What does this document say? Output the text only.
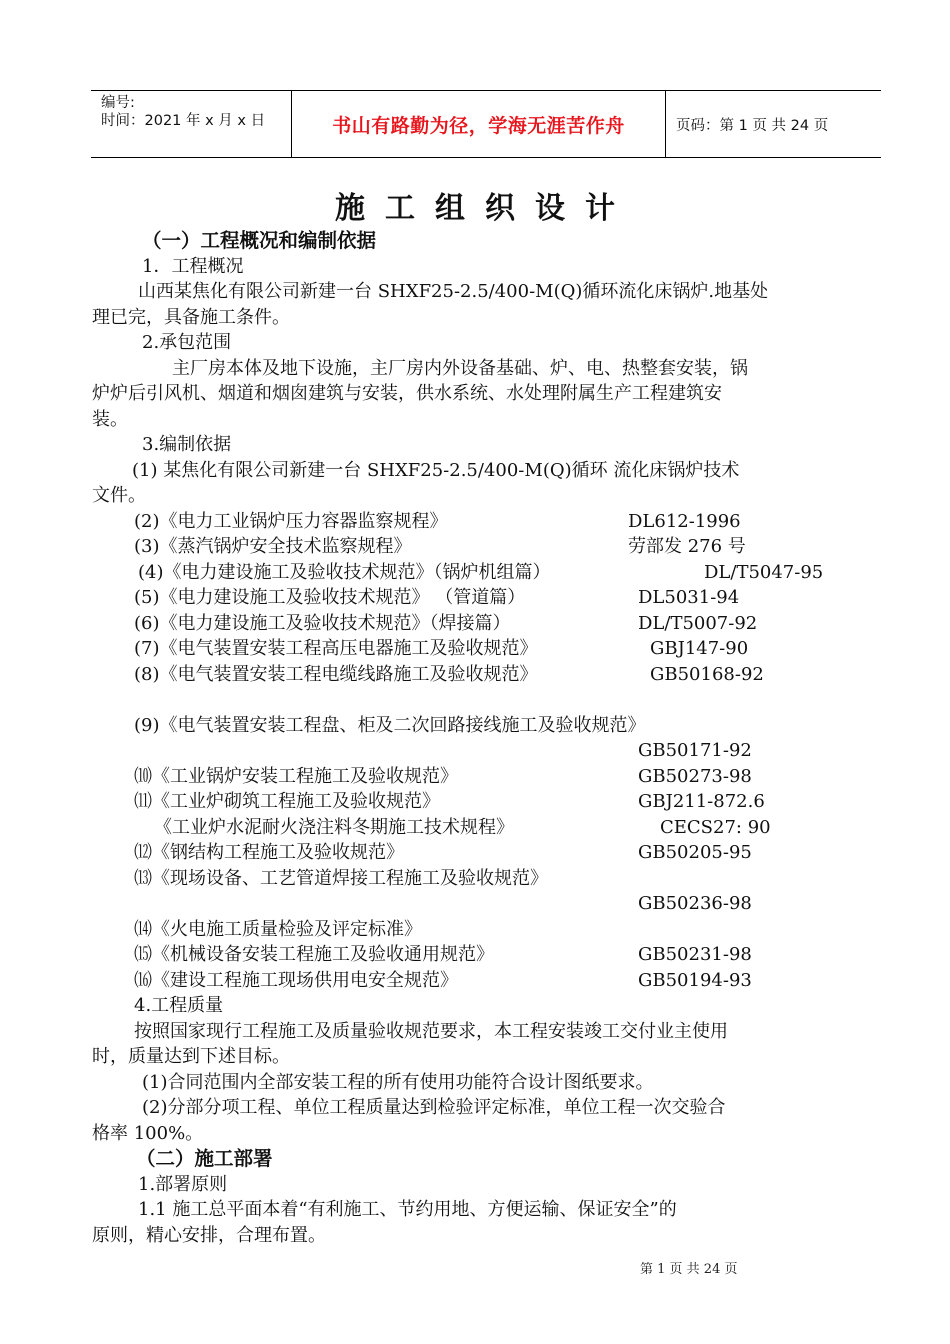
编号:
时间：2021 年 x 月 x 日	书山有路勤为径，学海无涯苦作舟	页码：第 1 页 共 24 页
施工组织设计
（一）工程概况和编制依据
1．工程概况
山西某焦化有限公司新建一台 SHXF25-2.5/400-M(Q)循环流化床锅炉.地基处
理已完，具备施工条件。
2.承包范围
主厂房本体及地下设施，主厂房内外设备基础、炉、电、热整套安装，锅
炉炉后引风机、烟道和烟囱建筑与安装，供水系统、水处理附属生产工程建筑安
装。
3.编制依据
(1) 某焦化有限公司新建一台 SHXF25-2.5/400-M(Q)循环 流化床锅炉技术
文件。
(2)《电力工业锅炉压力容器监察规程》	DL612-1996
(3)《蒸汽锅炉安全技术监察规程》	劳部发 276 号
(4)《电力建设施工及验收技术规范》（锅炉机组篇）	DL/T5047-95
(5)《电力建设施工及验收技术规范》 （管道篇）	DL5031-94
(6)《电力建设施工及验收技术规范》（焊接篇）	DL/T5007-92
(7)《电气装置安装工程高压电器施工及验收规范》	GBJ147-90
(8)《电气装置安装工程电缆线路施工及验收规范》	GB50168-92
(9)《电气装置安装工程盘、柜及二次回路接线施工及验收规范》
GB50171-92
⑽《工业锅炉安装工程施工及验收规范》	GB50273-98
⑾《工业炉砌筑工程施工及验收规范》	GBJ211-872.6
《工业炉水泥耐火浇注料冬期施工技术规程》	CECS27: 90
⑿《钢结构工程施工及验收规范》	GB50205-95
⒀《现场设备、工艺管道焊接工程施工及验收规范》
GB50236-98
⒁《火电施工质量检验及评定标准》
⒂《机械设备安装工程施工及验收通用规范》	GB50231-98
⒃《建设工程施工现场供用电安全规范》	GB50194-93
4.工程质量
按照国家现行工程施工及质量验收规范要求，本工程安装竣工交付业主使用
时，质量达到下述目标。
(1)合同范围内全部安装工程的所有使用功能符合设计图纸要求。
(2)分部分项工程、单位工程质量达到检验评定标准，单位工程一次交验合
格率 100%。
（二）施工部署
1.部署原则
1.1 施工总平面本着“有利施工、节约用地、方便运输、保证安全”的
原则，精心安排，合理布置。
第 1 页 共 24 页
